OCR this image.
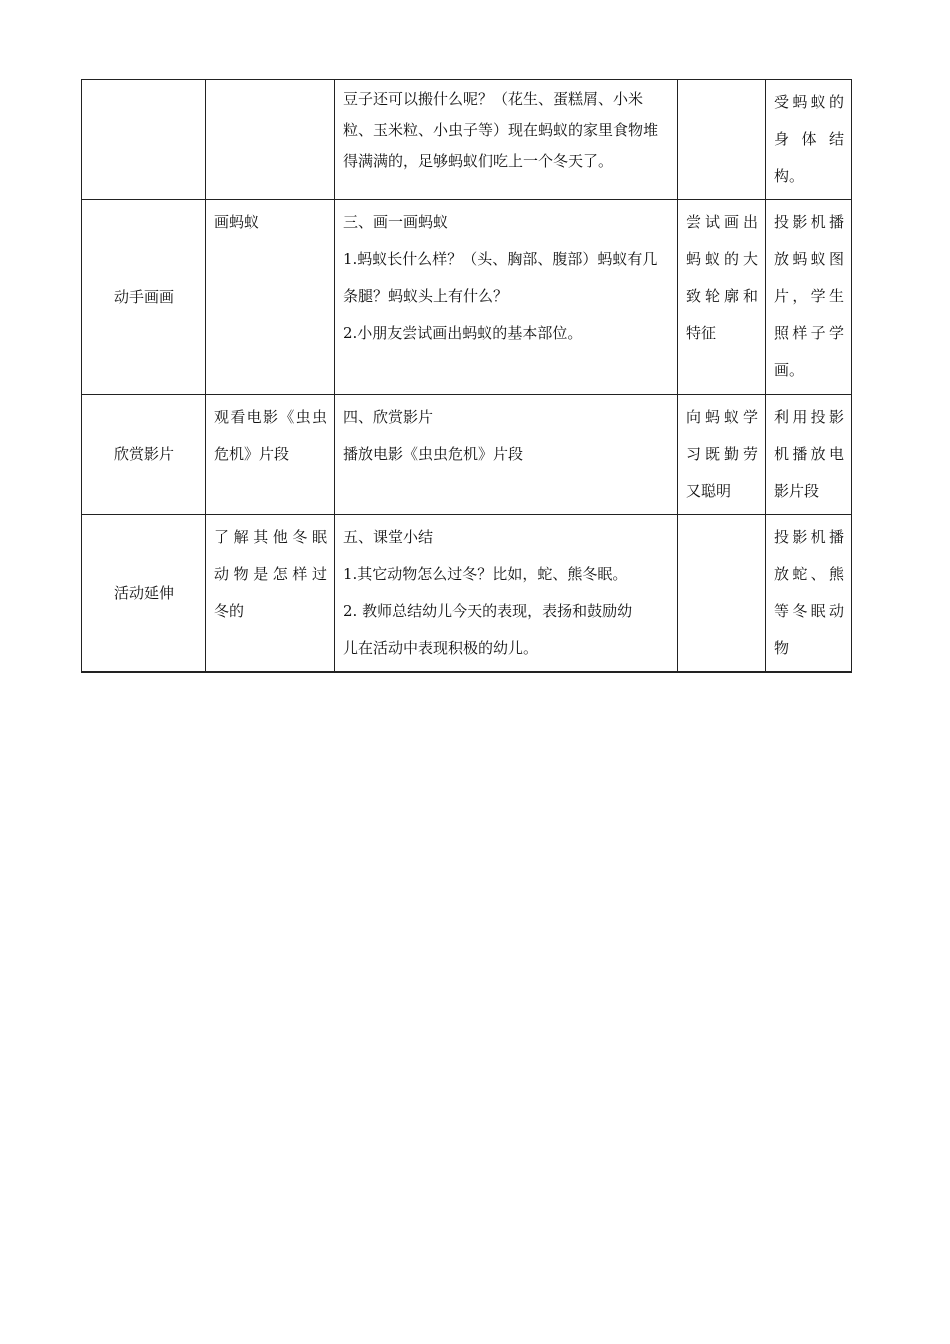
		豆子还可以搬什么呢？（花生、蛋糕屑、小米
粒、玉米粒、小虫子等）现在蚂蚁的家里食物堆
得满满的，足够蚂蚁们吃上一个冬天了。		受蚂蚁的
身 体 结
构。

动手画画	画蚂蚁	三、画一画蚂蚁
1.蚂蚁长什么样？（头、胸部、腹部）蚂蚁有几
条腿？蚂蚁头上有什么？
2.小朋友尝试画出蚂蚁的基本部位。	尝试画出
蚂蚁的大
致轮廓和
特征	投影机播
放蚂蚁图
片，学生
照样子学
画。

欣赏影片	观看电影《虫虫
危机》片段	四、欣赏影片
播放电影《虫虫危机》片段	向蚂蚁学
习既勤劳
又聪明	利用投影
机播放电
影片段

活动延伸	了解其他冬眠
动物是怎样过
冬的	五、课堂小结
1.其它动物怎么过冬？比如，蛇、熊冬眠。
2. 教师总结幼儿今天的表现，表扬和鼓励幼
儿在活动中表现积极的幼儿。		投影机播
放蛇、熊
等冬眠动
物
